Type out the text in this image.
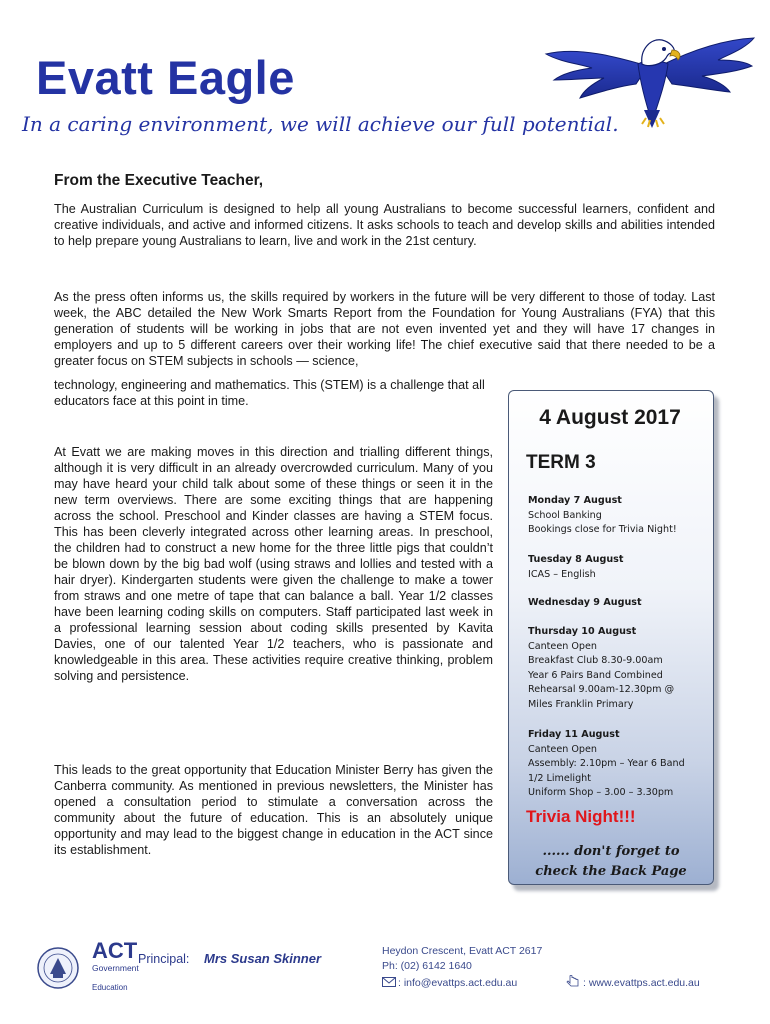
Evatt Eagle
In a caring environment, we will achieve our full potential.
From the Executive Teacher,
The Australian Curriculum is designed to help all young Australians to become successful learners, confident and creative individuals, and active and informed citizens. It asks schools to teach and develop skills and abilities intended to help prepare young Australians to learn, live and work in the 21st century.
As the press often informs us, the skills required by workers in the future will be very different to those of today. Last week, the ABC detailed the New Work Smarts Report from the Foundation for Young Australians (FYA) that this generation of students will be working in jobs that are not even invented yet and they will have 17 changes in employers and up to 5 different careers over their working life! The chief executive said that there needed to be a greater focus on STEM subjects in schools — science,
technology, engineering and mathematics. This (STEM) is a challenge that all educators face at this point in time.
At Evatt we are making moves in this direction and trialling different things, although it is very difficult in an already overcrowded curriculum. Many of you may have heard your child talk about some of these things or seen it in the new term overviews. There are some exciting things that are happening across the school. Preschool and Kinder classes are having a STEM focus. This has been cleverly integrated across other learning areas. In preschool, the children had to construct a new home for the three little pigs that couldn’t be blown down by the big bad wolf (using straws and lollies and tested with a hair dryer). Kindergarten students were given the challenge to make a tower from straws and one metre of tape that can balance a ball. Year 1/2 classes have been learning coding skills on computers. Staff participated last week in a professional learning session about coding skills presented by Kavita Davies, one of our talented Year 1/2 teachers, who is passionate and knowledgeable in this area. These activities require creative thinking, problem solving and persistence.
This leads to the great opportunity that Education Minister Berry has given the Canberra community. As mentioned in previous newsletters, the Minister has opened a consultation period to stimulate a conversation across the community about the future of education. This is an absolutely unique opportunity and may lead to the biggest change in education in the ACT since its establishment.
4 August 2017
TERM 3
Monday 7 August
School Banking
Bookings close for Trivia Night!
Tuesday 8 August
ICAS – English
Wednesday 9 August
Thursday 10 August
Canteen Open
Breakfast Club 8.30-9.00am
Year 6 Pairs Band Combined Rehearsal 9.00am-12.30pm @ Miles Franklin Primary
Friday 11 August
Canteen Open
Assembly: 2.10pm – Year 6 Band 1/2 Limelight
Uniform Shop – 3.00 – 3.30pm
Trivia Night!!!
...... don't forget to
check the Back Page
ACT
Government
Education
Principal: Mrs Susan Skinner	Heydon Crescent, Evatt ACT 2617
Ph: (02) 6142 1640
: info@evattps.act.edu.au	: www.evattps.act.edu.au
